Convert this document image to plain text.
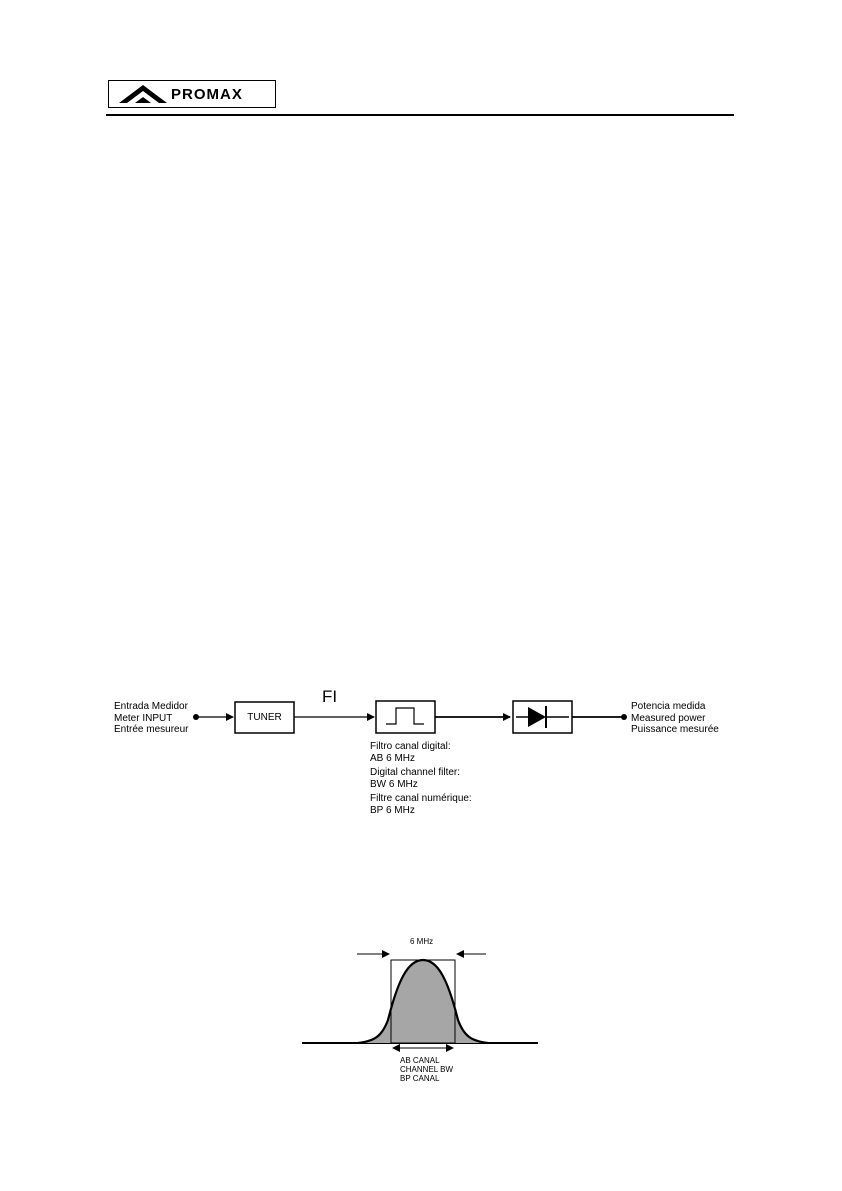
PROMAX
Entrada Medidor
Meter INPUT
Entrée mesureur
TUNER
FI
Filtro canal digital:
AB 6 MHz
Digital channel filter:
BW 6 MHz
Filtre canal numérique:
BP 6 MHz
Potencia medida
Measured power
Puissance mesurée
6 MHz
AB CANAL
CHANNEL BW
BP CANAL
